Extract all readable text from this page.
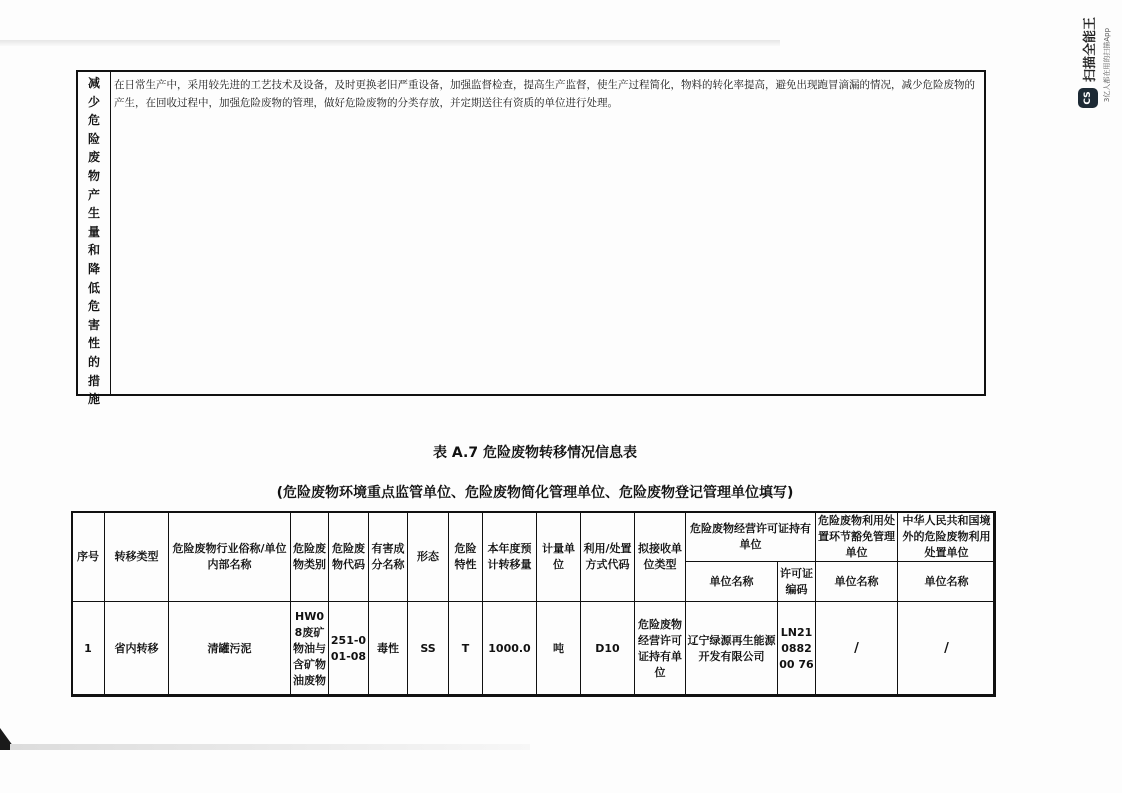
减
少
危
险
废
物
产
生
量
和
降
低
危
害
性
的
措
施
在日常生产中，采用较先进的工艺技术及设备，及时更换老旧严重设备，加强监督检查，提高生产监督，使生产过程简化，物料的转化率提高，避免出现跑冒滴漏的情况，减少危险废物的产生，在回收过程中，加强危险废物的管理，做好危险废物的分类存放，并定期送往有资质的单位进行处理。
表 A.7 危险废物转移情况信息表
(危险废物环境重点监管单位、危险废物简化管理单位、危险废物登记管理单位填写)
序号	转移类型	危险废物行业俗称/单位内部名称	危险废物类别	危险废物代码	有害成分名称	形态	危险特性	本年度预计转移量	计量单位	利用/处置方式代码	拟接收单位类型	危险废物经营许可证持有单位		危险废物利用处置环节豁免管理单位	中华人民共和国境外的危险废物利用处置单位
												单位名称	许可证编码	单位名称	单位名称
1	省内转移	清罐污泥	HW08废矿物油与含矿物油废物	251-001-08	毒性	SS	T	1000.0	吨	D10	危险废物经营许可证持有单位	辽宁绿源再生能源开发有限公司	LN21088200 76	/	/
扫描全能王
CS	3亿人都在用的扫描App
